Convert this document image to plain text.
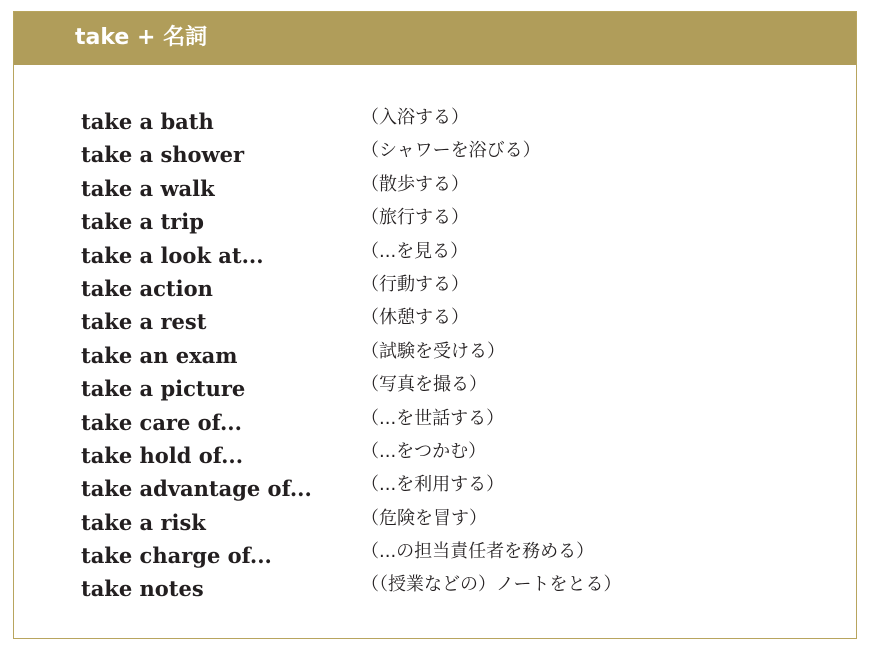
take + 名詞
take a bath	（入浴する）
take a shower	（シャワーを浴びる）
take a walk	（散歩する）
take a trip	（旅行する）
take a look at...	（...を見る）
take action	（行動する）
take a rest	（休憩する）
take an exam	（試験を受ける）
take a picture	（写真を撮る）
take care of...	（...を世話する）
take hold of...	（...をつかむ）
take advantage of...	（...を利用する）
take a risk	（危険を冒す）
take charge of...	（...の担当責任者を務める）
take notes	（（授業などの）ノートをとる）
